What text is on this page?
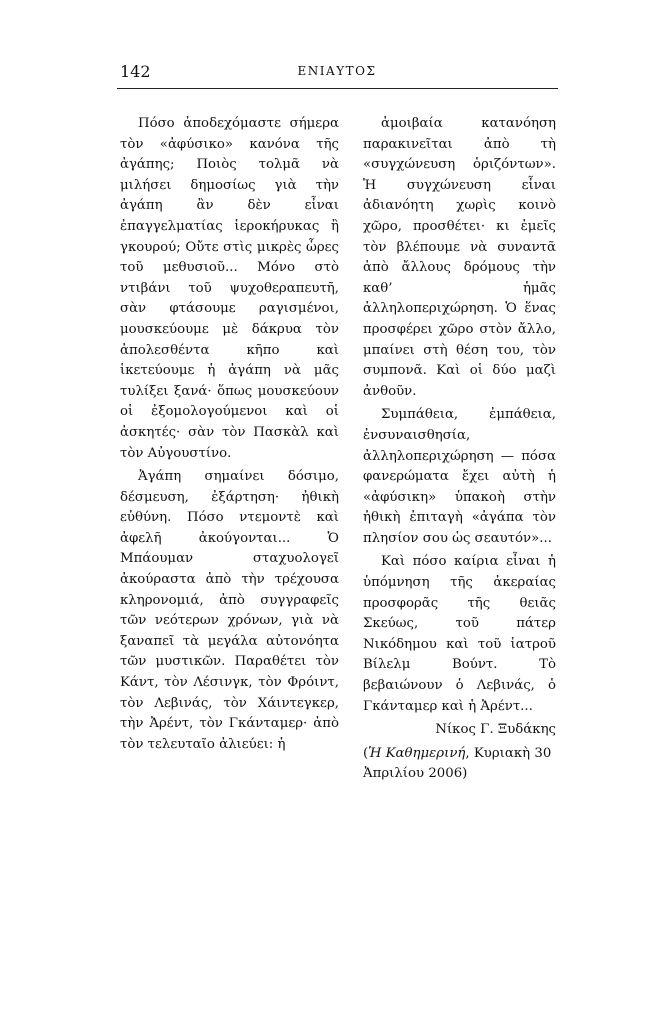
142	ΕΝΙΑΥΤΟΣ

Πόσο ἀποδεχόμαστε σήμερα τὸν «ἀφύσικο» κανόνα τῆς ἀγάπης; Ποιὸς τολμᾶ νὰ μιλήσει δημοσίως γιὰ τὴν ἀγάπη ἂν δὲν εἶναι ἐπαγγελματίας ἱεροκήρυκας ἢ γκουρού; Οὔτε στὶς μικρὲς ὧρες τοῦ μεθυσιοῦ... Μόνο στὸ ντιβάνι τοῦ ψυχοθεραπευτῆ, σὰν φτάσουμε ραγισμένοι, μουσκεύουμε μὲ δάκρυα τὸν ἀπολεσθέντα κῆπο καὶ ἱκετεύουμε ἡ ἀγάπη νὰ μᾶς τυλίξει ξανά· ὅπως μουσκεύουν οἱ ἐξομολογούμενοι καὶ οἱ ἀσκητές· σὰν τὸν Πασκὰλ καὶ τὸν Αὐγουστίνο.

Ἀγάπη σημαίνει δόσιμο, δέσμευση, ἐξάρτηση· ἠθικὴ εὐθύνη. Πόσο ντεμοντὲ καὶ ἀφελῆ ἀκούγονται... Ὁ Μπάουμαν σταχυολογεῖ ἀκούραστα ἀπὸ τὴν τρέχουσα κληρονομιά, ἀπὸ συγγραφεῖς τῶν νεότερων χρόνων, γιὰ νὰ ξαναπεῖ τὰ μεγάλα αὐτονόητα τῶν μυστικῶν. Παραθέτει τὸν Κάντ, τὸν Λέσινγκ, τὸν Φρόιντ, τὸν Λεβινάς, τὸν Χάιντεγκερ, τὴν Ἀρέντ, τὸν Γκάνταμερ· ἀπὸ τὸν τελευταῖο ἀλιεύει: ἡ

ἀμοιβαία κατανόηση παρακινεῖται ἀπὸ τὴ «συγχώνευση ὁριζόντων». Ἡ συγχώνευση εἶναι ἀδιανόητη χωρὶς κοινὸ χῶρο, προσθέτει· κι ἐμεῖς τὸν βλέπουμε νὰ συναντᾶ ἀπὸ ἄλλους δρόμους τὴν καθ’ ἡμᾶς ἀλληλοπεριχώρηση. Ὁ ἕνας προσφέρει χῶρο στὸν ἄλλο, μπαίνει στὴ θέση του, τὸν συμπονᾶ. Καὶ οἱ δύο μαζὶ ἀνθοῦν.

Συμπάθεια, ἐμπάθεια, ἐνσυναισθησία, ἀλληλοπεριχώρηση — πόσα φανερώματα ἔχει αὐτὴ ἡ «ἀφύσικη» ὑπακοὴ στὴν ἠθικὴ ἐπιταγὴ «ἀγάπα τὸν πλησίον σου ὡς σεαυτόν»...

Καὶ πόσο καίρια εἶναι ἡ ὑπόμνηση τῆς ἀκεραίας προσφορᾶς τῆς θειᾶς Σκεύως, τοῦ πάτερ Νικόδημου καὶ τοῦ ἰατροῦ Βίλελμ Βούντ. Τὸ βεβαιώνουν ὁ Λεβινάς, ὁ Γκάνταμερ καὶ ἡ Ἀρέντ...

Νίκος Γ. Ξυδάκης

(Ἡ Καθημερινή, Κυριακὴ 30 Ἀπριλίου 2006)
